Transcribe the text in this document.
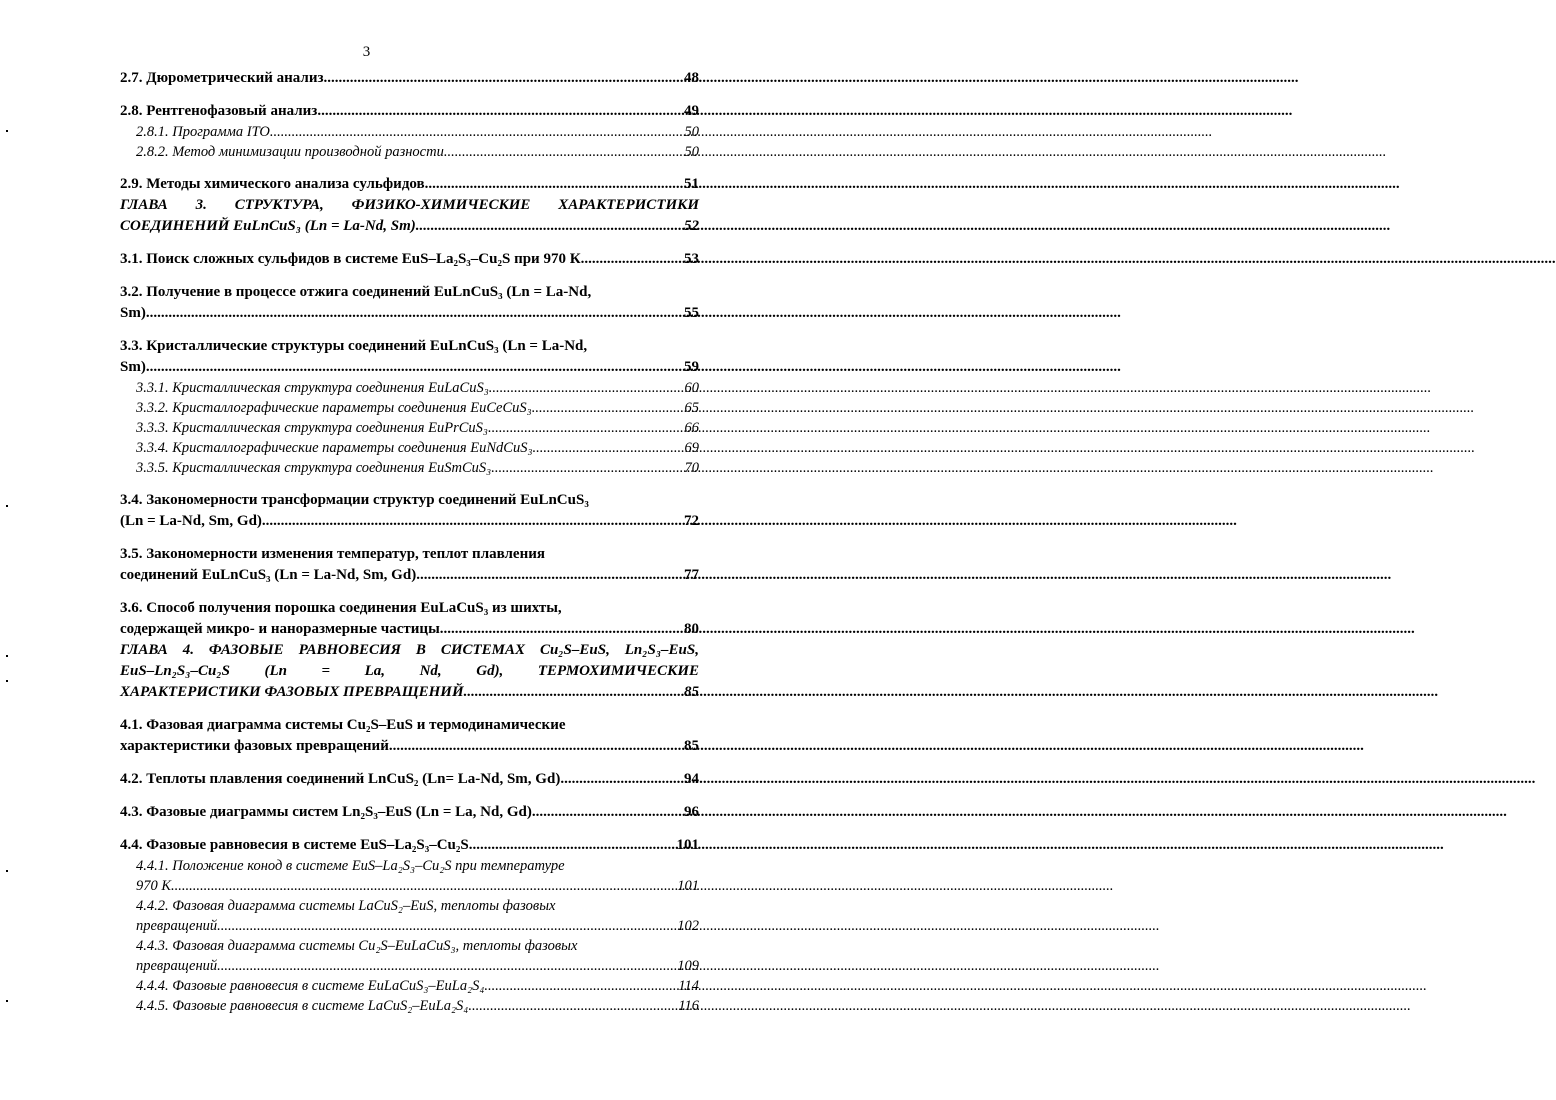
3
2.7. Дюрометрический анализ .....	48
2.8. Рентгенофазовый анализ .....	49
2.8.1. Программа ITO .....	50
2.8.2. Метод минимизации производной разности .....	50
2.9. Методы химического анализа сульфидов .....	51
ГЛАВА 3. СТРУКТУРА, ФИЗИКО-ХИМИЧЕСКИЕ ХАРАКТЕРИСТИКИ
СОЕДИНЕНИЙ EuLnCuS₃ (Ln = La-Nd, Sm) .....	52
3.1. Поиск сложных сульфидов в системе EuS–La₂S₃–Cu₂S при 970 К .....	53
3.2. Получение в процессе отжига соединений EuLnCuS₃ (Ln = La-Nd,
Sm) .....	55
3.3. Кристаллические структуры соединений EuLnCuS₃ (Ln = La-Nd,
Sm) .....	59
3.3.1. Кристаллическая структура соединения EuLaCuS₃ .....	60
3.3.2. Кристаллографические параметры соединения EuCeCuS₃ .....	65
3.3.3. Кристаллическая структура соединения EuPrCuS₃ .....	66
3.3.4. Кристаллографические параметры соединения EuNdCuS₃ .....	69
3.3.5. Кристаллическая структура соединения EuSmCuS₃ .....	70
3.4. Закономерности трансформации структур соединений EuLnCuS₃
(Ln = La-Nd, Sm, Gd) .....	72
3.5. Закономерности изменения температур, теплот плавления
соединений EuLnCuS₃ (Ln = La-Nd, Sm, Gd) .....	77
3.6. Способ получения порошка соединения EuLaCuS₃ из шихты,
содержащей микро- и наноразмерные частицы .....	80
ГЛАВА 4. ФАЗОВЫЕ РАВНОВЕСИЯ В СИСТЕМАХ Cu₂S–EuS, Ln₂S₃–EuS,
EuS–Ln₂S₃–Cu₂S (Ln = La, Nd, Gd), ТЕРМОХИМИЧЕСКИЕ
ХАРАКТЕРИСТИКИ ФАЗОВЫХ ПРЕВРАЩЕНИЙ .....	85
4.1. Фазовая диаграмма системы Cu₂S–EuS и термодинамические
характеристики фазовых превращений .....	85
4.2. Теплоты плавления соединений LnCuS₂ (Ln= La-Nd, Sm, Gd) .....	94
4.3. Фазовые диаграммы систем Ln₂S₃–EuS (Ln = La, Nd, Gd) .....	96
4.4. Фазовые равновесия в системе EuS–La₂S₃–Cu₂S .....	101
4.4.1. Положение конод в системе EuS–La₂S₃–Cu₂S при температуре
970 К .....	101
4.4.2. Фазовая диаграмма системы LaCuS₂–EuS, теплоты фазовых
превращений .....	102
4.4.3. Фазовая диаграмма системы Cu₂S–EuLaCuS₃, теплоты фазовых
превращений .....	109
4.4.4. Фазовые равновесия в системе EuLaCuS₃–EuLa₂S₄ .....	114
4.4.5. Фазовые равновесия в системе LaCuS₂–EuLa₂S₄ .....	116
